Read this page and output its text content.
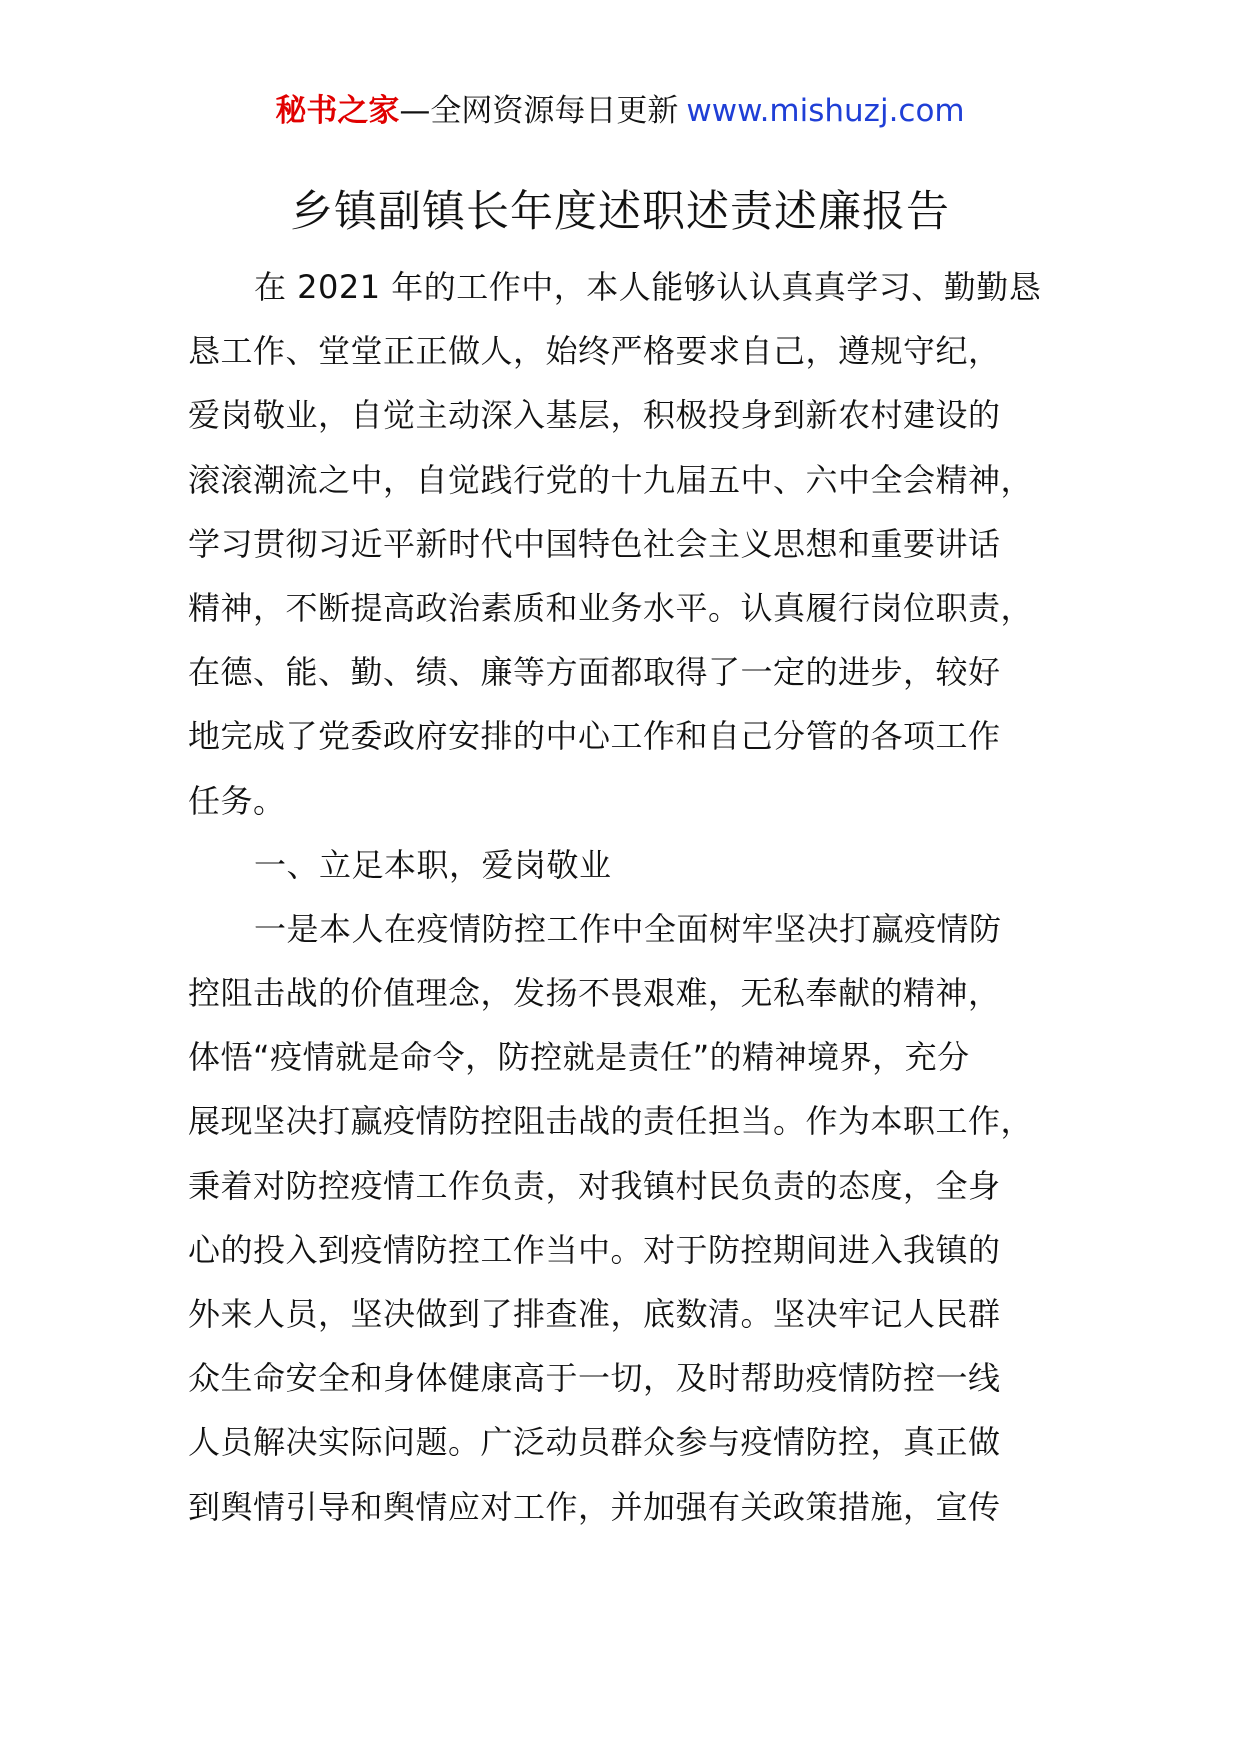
秘书之家—全网资源每日更新 www.mishuzj.com
乡镇副镇长年度述职述责述廉报告
在 2021 年的工作中，本人能够认认真真学习、勤勤恳
恳工作、堂堂正正做人，始终严格要求自己，遵规守纪，
爱岗敬业，自觉主动深入基层，积极投身到新农村建设的
滚滚潮流之中，自觉践行党的十九届五中、六中全会精神，
学习贯彻习近平新时代中国特色社会主义思想和重要讲话
精神，不断提高政治素质和业务水平。认真履行岗位职责，
在德、能、勤、绩、廉等方面都取得了一定的进步，较好
地完成了党委政府安排的中心工作和自己分管的各项工作
任务。
一、立足本职，爱岗敬业
一是本人在疫情防控工作中全面树牢坚决打赢疫情防
控阻击战的价值理念，发扬不畏艰难，无私奉献的精神，
体悟“疫情就是命令，防控就是责任”的精神境界，充分
展现坚决打赢疫情防控阻击战的责任担当。作为本职工作，
秉着对防控疫情工作负责，对我镇村民负责的态度，全身
心的投入到疫情防控工作当中。对于防控期间进入我镇的
外来人员，坚决做到了排查准，底数清。坚决牢记人民群
众生命安全和身体健康高于一切，及时帮助疫情防控一线
人员解决实际问题。广泛动员群众参与疫情防控，真正做
到舆情引导和舆情应对工作，并加强有关政策措施，宣传
